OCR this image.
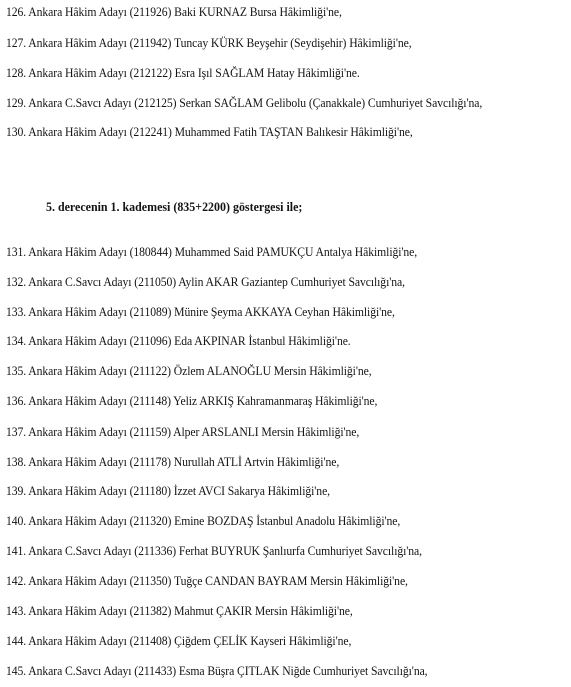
126. Ankara Hâkim Adayı (211926) Baki KURNAZ Bursa Hâkimliği'ne,
127. Ankara Hâkim Adayı (211942) Tuncay KÜRK Beyşehir (Seydişehir) Hâkimliği'ne,
128. Ankara Hâkim Adayı (212122) Esra Işıl SAĞLAM Hatay Hâkimliği'ne.
129. Ankara C.Savcı Adayı (212125) Serkan SAĞLAM Gelibolu (Çanakkale) Cumhuriyet Savcılığı'na,
130. Ankara Hâkim Adayı (212241) Muhammed Fatih TAŞTAN Balıkesir Hâkimliği'ne,
5. derecenin 1. kademesi (835+2200) göstergesi ile;
131. Ankara Hâkim Adayı (180844) Muhammed Said PAMUKÇU Antalya Hâkimliği'ne,
132. Ankara C.Savcı Adayı (211050) Aylin AKAR Gaziantep Cumhuriyet Savcılığı'na,
133. Ankara Hâkim Adayı (211089) Münire Şeyma AKKAYA Ceyhan Hâkimliği'ne,
134. Ankara Hâkim Adayı (211096) Eda AKPINAR İstanbul Hâkimliği'ne.
135. Ankara Hâkim Adayı (211122) Özlem ALANOĞLU Mersin Hâkimliği'ne,
136. Ankara Hâkim Adayı (211148) Yeliz ARKIŞ Kahramanmaraş Hâkimliği'ne,
137. Ankara Hâkim Adayı (211159) Alper ARSLANLI Mersin Hâkimliği'ne,
138. Ankara Hâkim Adayı (211178) Nurullah ATLİ Artvin Hâkimliği'ne,
139. Ankara Hâkim Adayı (211180) İzzet AVCI Sakarya Hâkimliği'ne,
140. Ankara Hâkim Adayı (211320) Emine BOZDAŞ İstanbul Anadolu Hâkimliği'ne,
141. Ankara C.Savcı Adayı (211336) Ferhat BUYRUK Şanlıurfa Cumhuriyet Savcılığı'na,
142. Ankara Hâkim Adayı (211350) Tuğçe CANDAN BAYRAM Mersin Hâkimliği'ne,
143. Ankara Hâkim Adayı (211382) Mahmut ÇAKIR Mersin Hâkimliği'ne,
144. Ankara Hâkim Adayı (211408) Çiğdem ÇELİK Kayseri Hâkimliği'ne,
145. Ankara C.Savcı Adayı (211433) Esma Büşra ÇITLAK Niğde Cumhuriyet Savcılığı'na,
